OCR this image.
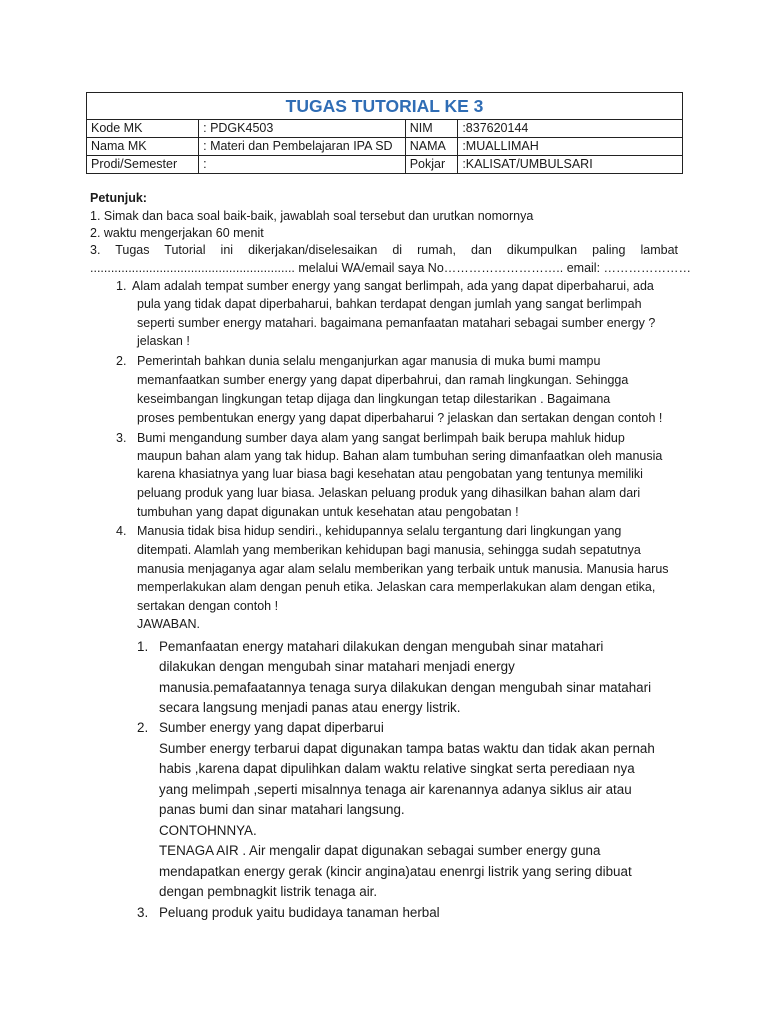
TUGAS TUTORIAL KE 3			
Kode MK	: PDGK4503	NIM	:837620144
Nama MK	: Materi dan Pembelajaran IPA SD	NAMA	:MUALLIMAH
Prodi/Semester	:	Pokjar	:KALISAT/UMBULSARI
Petunjuk:
1. Simak dan baca soal baik-baik, jawablah soal tersebut dan urutkan nomornya
2. waktu mengerjakan 60 menit
3. Tugas Tutorial ini dikerjakan/diselesaikan di rumah, dan dikumpulkan paling lambat
........................................................... melalui WA/email saya No……………………….. email: …………………
1. Alam adalah tempat sumber energy yang sangat berlimpah, ada yang dapat diperbaharui, ada
pula yang tidak dapat diperbaharui, bahkan terdapat dengan jumlah yang sangat berlimpah
seperti sumber energy matahari. bagaimana pemanfaatan matahari sebagai sumber energy ?
jelaskan !
2. Pemerintah bahkan dunia selalu menganjurkan agar manusia di muka bumi mampu
memanfaatkan sumber energy yang dapat diperbahrui, dan ramah lingkungan. Sehingga
keseimbangan lingkungan tetap dijaga dan lingkungan tetap dilestarikan . Bagaimana
proses pembentukan energy yang dapat diperbaharui ? jelaskan dan sertakan dengan contoh !
3. Bumi mengandung sumber daya alam yang sangat berlimpah baik berupa mahluk hidup
maupun bahan alam yang tak hidup. Bahan alam tumbuhan sering dimanfaatkan oleh manusia
karena khasiatnya yang luar biasa bagi kesehatan atau pengobatan yang tentunya memiliki
peluang produk yang luar biasa. Jelaskan peluang produk yang dihasilkan bahan alam dari
tumbuhan yang dapat digunakan untuk kesehatan atau pengobatan !
4. Manusia tidak bisa hidup sendiri., kehidupannya selalu tergantung dari lingkungan yang
ditempati. Alamlah yang memberikan kehidupan bagi manusia, sehingga sudah sepatutnya
manusia menjaganya agar alam selalu memberikan yang terbaik untuk manusia. Manusia harus
memperlakukan alam dengan penuh etika. Jelaskan cara memperlakukan alam dengan etika,
sertakan dengan contoh !
JAWABAN.
1. Pemanfaatan energy matahari dilakukan dengan mengubah sinar matahari
dilakukan dengan mengubah sinar matahari menjadi energy
manusia.pemafaatannya tenaga surya dilakukan dengan mengubah sinar matahari
secara langsung menjadi panas atau energy listrik.
2. Sumber energy yang dapat diperbarui
Sumber energy terbarui dapat digunakan tampa batas waktu dan tidak akan pernah
habis ,karena dapat dipulihkan dalam waktu relative singkat serta perediaan nya
yang melimpah ,seperti misalnnya tenaga air karenannya adanya siklus air atau
panas bumi dan sinar matahari langsung.
CONTOHNNYA.
TENAGA AIR . Air mengalir dapat digunakan sebagai sumber energy guna
mendapatkan energy gerak (kincir angina)atau enenrgi listrik yang sering dibuat
dengan pembnagkit listrik tenaga air.
3. Peluang produk yaitu budidaya tanaman herbal
